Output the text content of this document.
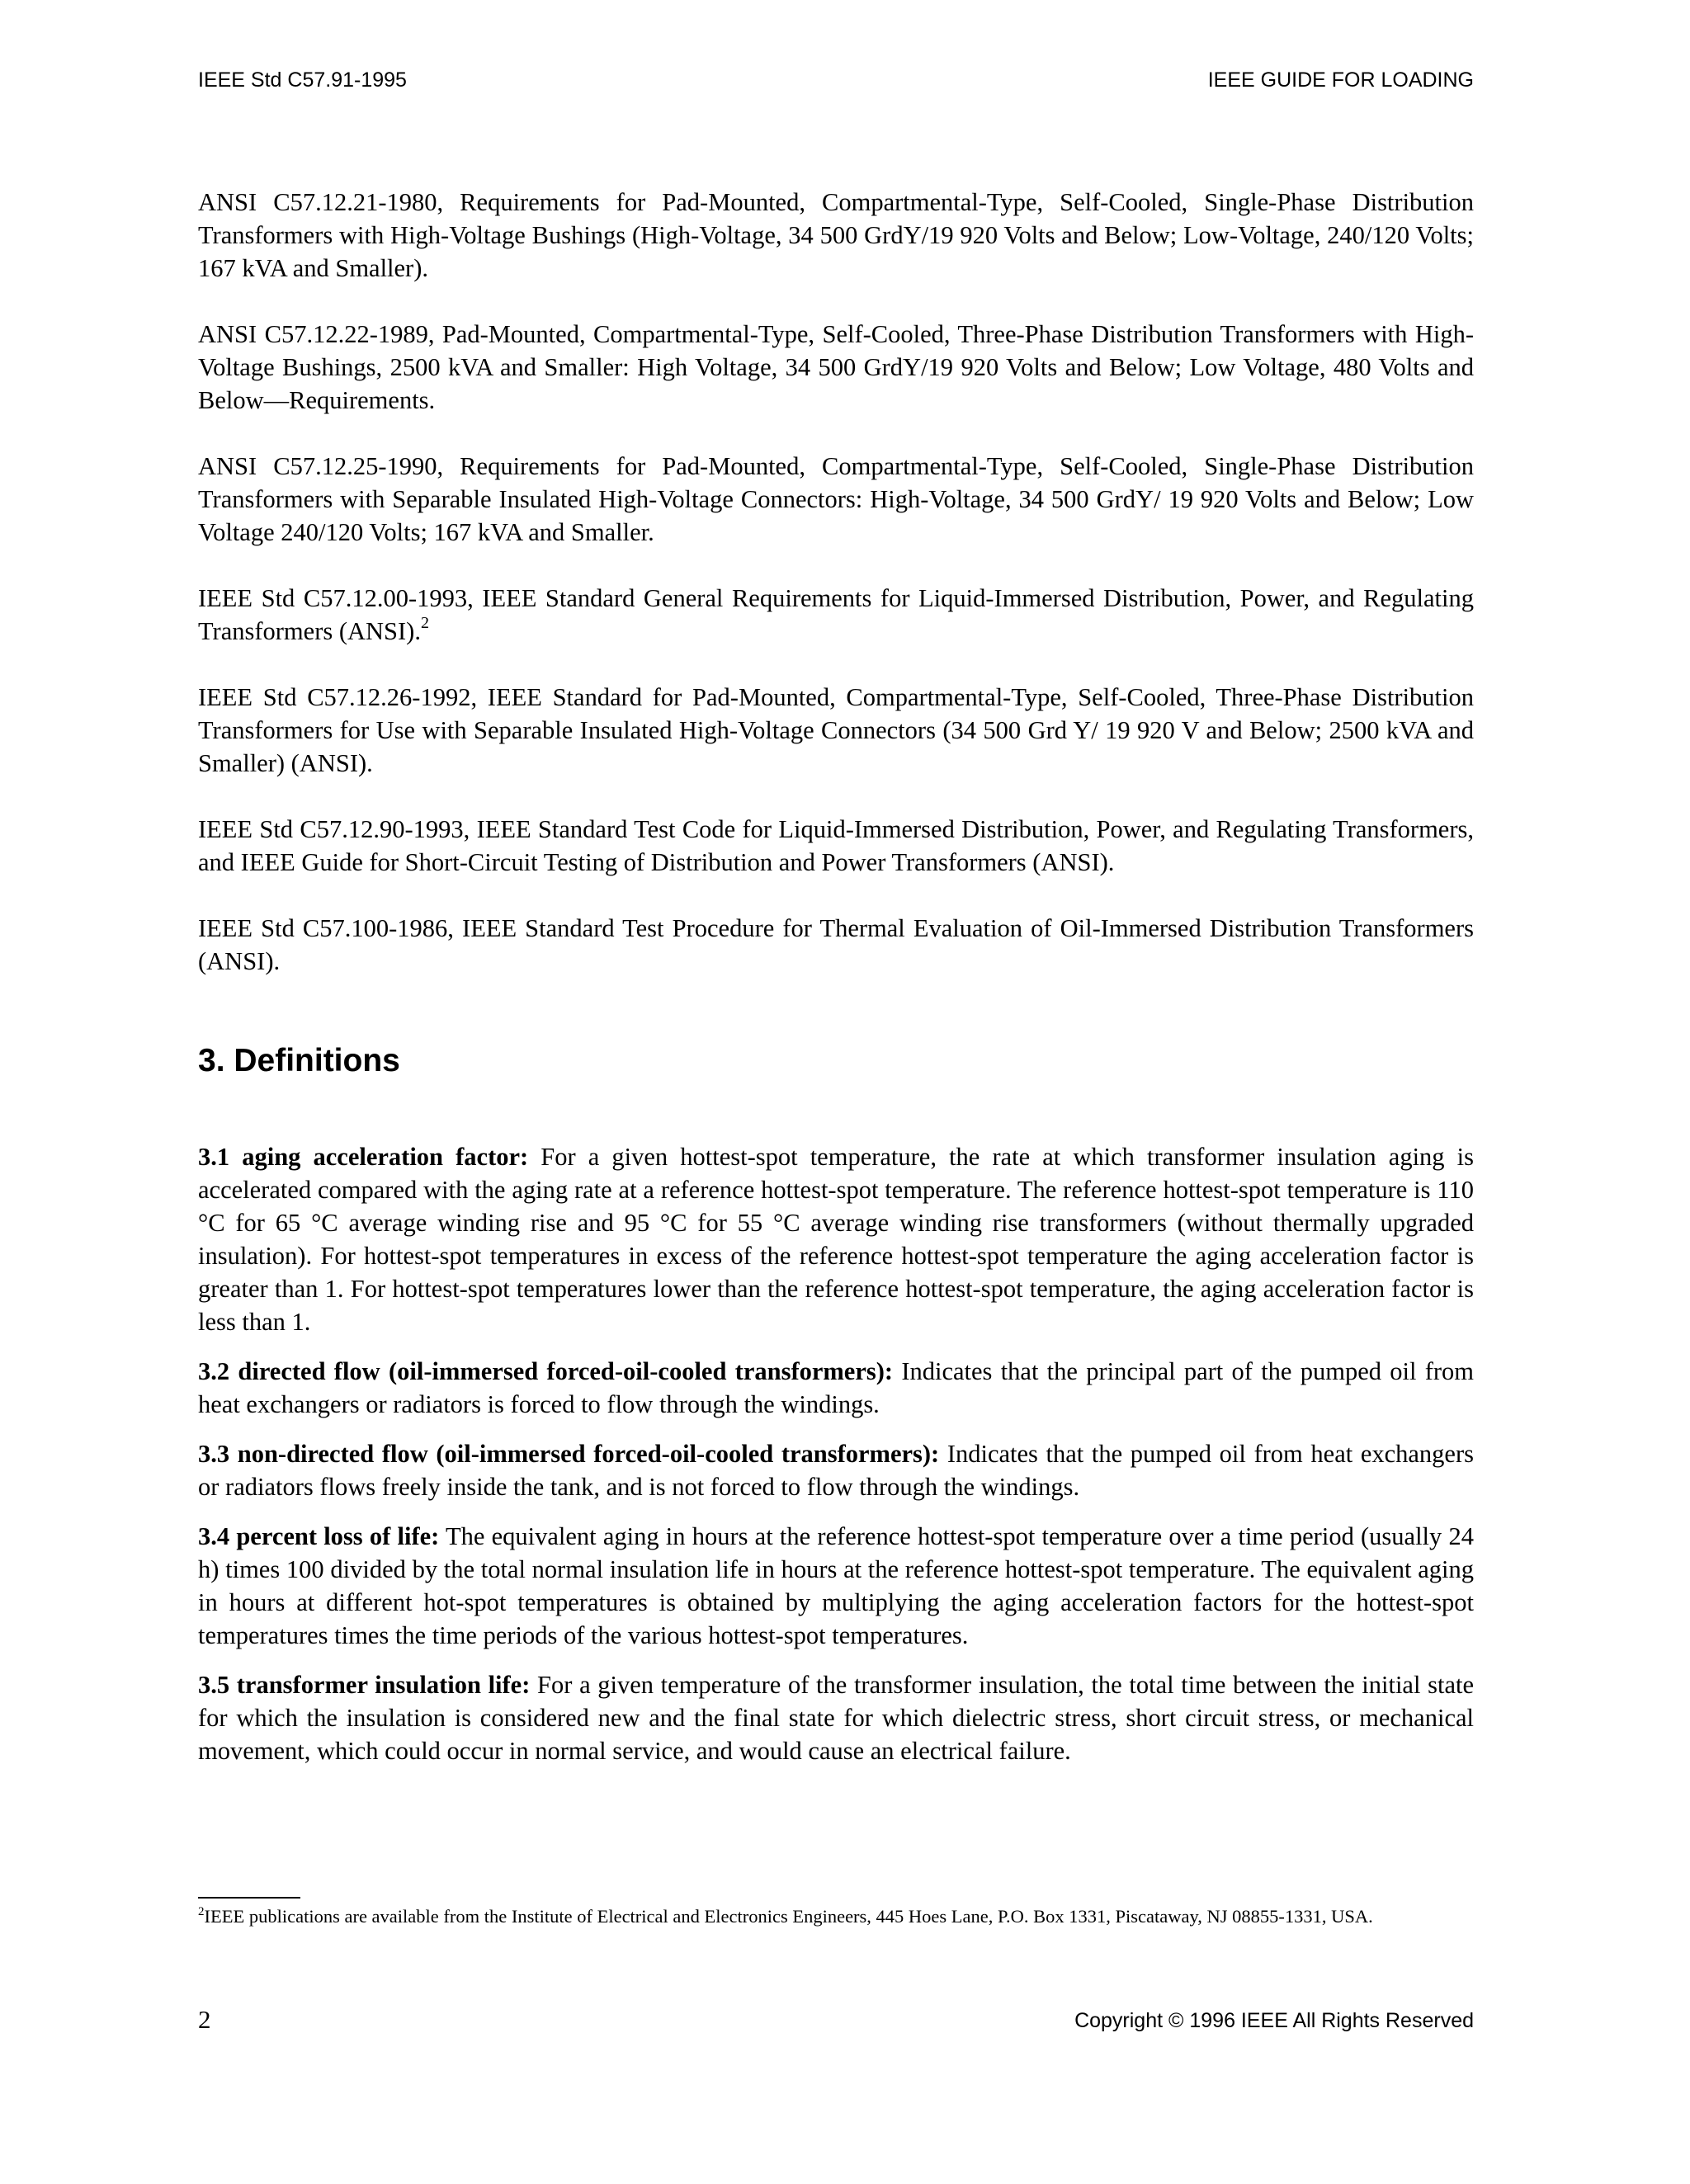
IEEE Std C57.91-1995	IEEE GUIDE FOR LOADING

ANSI C57.12.21-1980, Requirements for Pad-Mounted, Compartmental-Type, Self-Cooled, Single-Phase Distribution Transformers with High-Voltage Bushings (High-Voltage, 34 500 GrdY/19 920 Volts and Below; Low-Voltage, 240/120 Volts; 167 kVA and Smaller).

ANSI C57.12.22-1989, Pad-Mounted, Compartmental-Type, Self-Cooled, Three-Phase Distribution Transformers with High-Voltage Bushings, 2500 kVA and Smaller: High Voltage, 34 500 GrdY/19 920 Volts and Below; Low Voltage, 480 Volts and Below—Requirements.

ANSI C57.12.25-1990, Requirements for Pad-Mounted, Compartmental-Type, Self-Cooled, Single-Phase Distribution Transformers with Separable Insulated High-Voltage Connectors: High-Voltage, 34 500 GrdY/ 19 920 Volts and Below; Low Voltage 240/120 Volts; 167 kVA and Smaller.

IEEE Std C57.12.00-1993, IEEE Standard General Requirements for Liquid-Immersed Distribution, Power, and Regulating Transformers (ANSI).$^2$

IEEE Std C57.12.26-1992, IEEE Standard for Pad-Mounted, Compartmental-Type, Self-Cooled, Three-Phase Distribution Transformers for Use with Separable Insulated High-Voltage Connectors (34 500 Grd Y/ 19 920 V and Below; 2500 kVA and Smaller) (ANSI).

IEEE Std C57.12.90-1993, IEEE Standard Test Code for Liquid-Immersed Distribution, Power, and Regulating Transformers, and IEEE Guide for Short-Circuit Testing of Distribution and Power Transformers (ANSI).

IEEE Std C57.100-1986, IEEE Standard Test Procedure for Thermal Evaluation of Oil-Immersed Distribution Transformers (ANSI).

3. Definitions

3.1 aging acceleration factor: For a given hottest-spot temperature, the rate at which transformer insulation aging is accelerated compared with the aging rate at a reference hottest-spot temperature. The reference hottest-spot temperature is 110 °C for 65 °C average winding rise and 95 °C for 55 °C average winding rise transformers (without thermally upgraded insulation). For hottest-spot temperatures in excess of the reference hottest-spot temperature the aging acceleration factor is greater than 1. For hottest-spot temperatures lower than the reference hottest-spot temperature, the aging acceleration factor is less than 1.

3.2 directed flow (oil-immersed forced-oil-cooled transformers): Indicates that the principal part of the pumped oil from heat exchangers or radiators is forced to flow through the windings.

3.3 non-directed flow (oil-immersed forced-oil-cooled transformers): Indicates that the pumped oil from heat exchangers or radiators flows freely inside the tank, and is not forced to flow through the windings.

3.4 percent loss of life: The equivalent aging in hours at the reference hottest-spot temperature over a time period (usually 24 h) times 100 divided by the total normal insulation life in hours at the reference hottest-spot temperature. The equivalent aging in hours at different hot-spot temperatures is obtained by multiplying the aging acceleration factors for the hottest-spot temperatures times the time periods of the various hottest-spot temperatures.

3.5 transformer insulation life: For a given temperature of the transformer insulation, the total time between the initial state for which the insulation is considered new and the final state for which dielectric stress, short circuit stress, or mechanical movement, which could occur in normal service, and would cause an electrical failure.

$^2$IEEE publications are available from the Institute of Electrical and Electronics Engineers, 445 Hoes Lane, P.O. Box 1331, Piscataway, NJ 08855-1331, USA.

2	Copyright © 1996 IEEE All Rights Reserved
